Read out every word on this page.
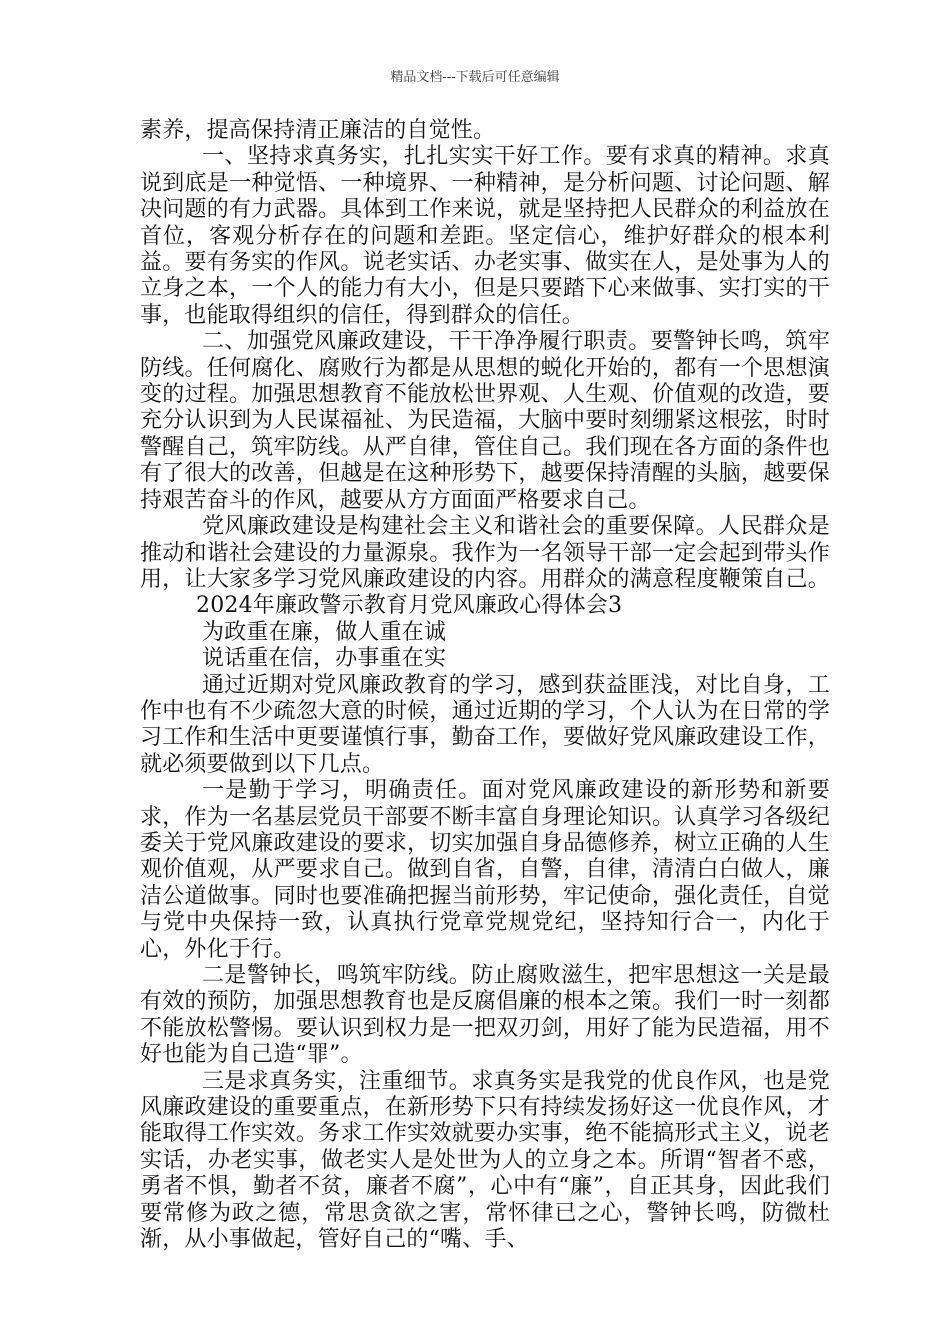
精品文档---下载后可任意编辑

素养，提高保持清正廉洁的自觉性。

一、坚持求真务实，扎扎实实干好工作。要有求真的精神。求真说到底是一种觉悟、一种境界、一种精神，是分析问题、讨论问题、解决问题的有力武器。具体到工作来说，就是坚持把人民群众的利益放在首位，客观分析存在的问题和差距。坚定信心，维护好群众的根本利益。要有务实的作风。说老实话、办老实事、做实在人，是处事为人的立身之本，一个人的能力有大小，但是只要踏下心来做事、实打实的干事，也能取得组织的信任，得到群众的信任。

二、加强党风廉政建设，干干净净履行职责。要警钟长鸣，筑牢防线。任何腐化、腐败行为都是从思想的蜕化开始的，都有一个思想演变的过程。加强思想教育不能放松世界观、人生观、价值观的改造，要充分认识到为人民谋福祉、为民造福，大脑中要时刻绷紧这根弦，时时警醒自己，筑牢防线。从严自律，管住自己。我们现在各方面的条件也有了很大的改善，但越是在这种形势下，越要保持清醒的头脑，越要保持艰苦奋斗的作风，越要从方方面面严格要求自己。

党风廉政建设是构建社会主义和谐社会的重要保障。人民群众是推动和谐社会建设的力量源泉。我作为一名领导干部一定会起到带头作用，让大家多学习党风廉政建设的内容。用群众的满意程度鞭策自己。2024年廉政警示教育月党风廉政心得体会3

为政重在廉，做人重在诚

说话重在信，办事重在实

通过近期对党风廉政教育的学习，感到获益匪浅，对比自身，工作中也有不少疏忽大意的时候，通过近期的学习，个人认为在日常的学习工作和生活中更要谨慎行事，勤奋工作，要做好党风廉政建设工作，就必须要做到以下几点。

一是勤于学习，明确责任。面对党风廉政建设的新形势和新要求，作为一名基层党员干部要不断丰富自身理论知识。认真学习各级纪委关于党风廉政建设的要求，切实加强自身品德修养，树立正确的人生观价值观，从严要求自己。做到自省，自警，自律，清清白白做人，廉洁公道做事。同时也要准确把握当前形势，牢记使命，强化责任，自觉与党中央保持一致，认真执行党章党规党纪，坚持知行合一，内化于心，外化于行。

二是警钟长，鸣筑牢防线。防止腐败滋生，把牢思想这一关是最有效的预防，加强思想教育也是反腐倡廉的根本之策。我们一时一刻都不能放松警惕。要认识到权力是一把双刃剑，用好了能为民造福，用不好也能为自己造“罪”。

三是求真务实，注重细节。求真务实是我党的优良作风，也是党风廉政建设的重要重点，在新形势下只有持续发扬好这一优良作风，才能取得工作实效。务求工作实效就要办实事，绝不能搞形式主义，说老实话，办老实事，做老实人是处世为人的立身之本。所谓“智者不惑，勇者不惧，勤者不贫，廉者不腐”，心中有“廉”，自正其身，因此我们要常修为政之德，常思贪欲之害，常怀律已之心，警钟长鸣，防微杜渐，从小事做起，管好自己的“嘴、手、
